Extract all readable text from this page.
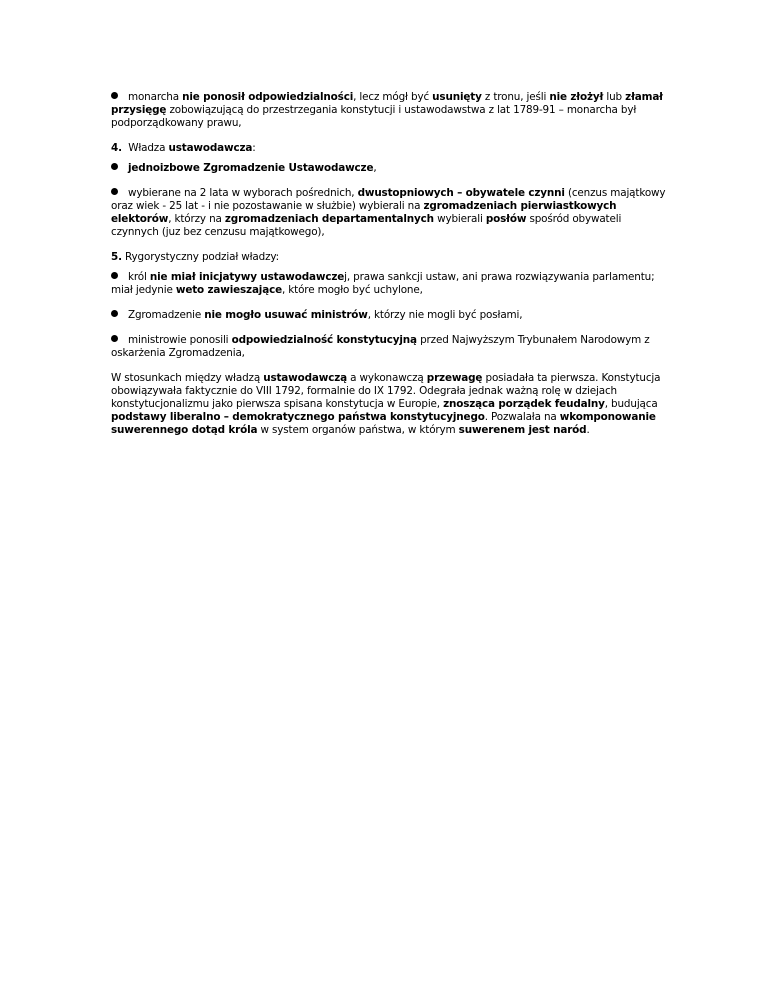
monarcha nie ponosił odpowiedzialności, lecz mógł być usunięty z tronu, jeśli nie złożył lub złamał przysięgę zobowiązującą do przestrzegania konstytucji i ustawodawstwa z lat 1789-91 – monarcha był podporządkowany prawu,

4.  Władza ustawodawcza:

jednoizbowe Zgromadzenie Ustawodawcze,

wybierane na 2 lata w wyborach pośrednich, dwustopniowych – obywatele czynni (cenzus majątkowy oraz wiek - 25 lat - i nie pozostawanie w służbie) wybierali na zgromadzeniach pierwiastkowych elektorów, którzy na zgromadzeniach departamentalnych wybierali posłów spośród obywateli czynnych (juz bez cenzusu majątkowego),

5. Rygorystyczny podział władzy:

król nie miał inicjatywy ustawodawczej, prawa sankcji ustaw, ani prawa rozwiązywania parlamentu; miał jedynie weto zawieszające, które mogło być uchylone,

Zgromadzenie nie mogło usuwać ministrów, którzy nie mogli być posłami,

ministrowie ponosili odpowiedzialność konstytucyjną przed Najwyższym Trybunałem Narodowym z oskarżenia Zgromadzenia,

W stosunkach między władzą ustawodawczą a wykonawczą przewagę posiadała ta pierwsza. Konstytucja obowiązywała faktycznie do VIII 1792, formalnie do IX 1792. Odegrała jednak ważną rolę w dziejach konstytucjonalizmu jako pierwsza spisana konstytucja w Europie, znosząca porządek feudalny, budująca podstawy liberalno – demokratycznego państwa konstytucyjnego. Pozwalała na wkomponowanie suwerennego dotąd króla w system organów państwa, w którym suwerenem jest naród.
